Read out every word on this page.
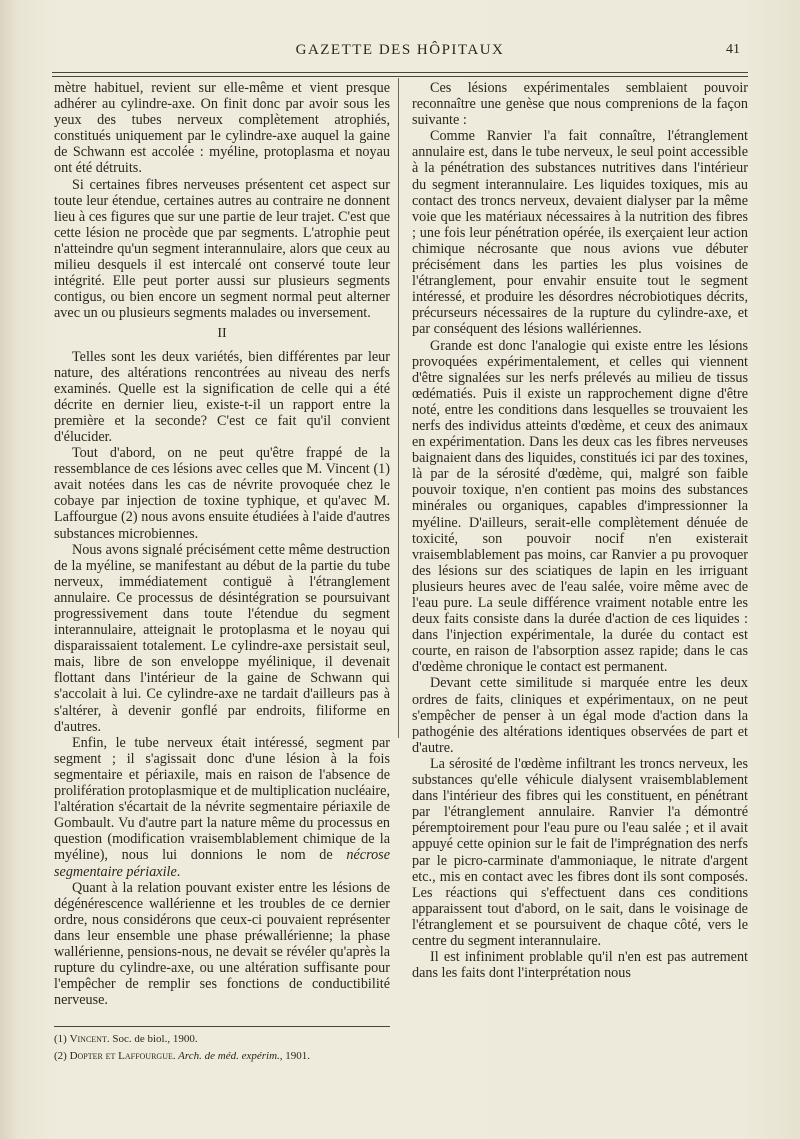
GAZETTE DES HÔPITAUX	41

mètre habituel, revient sur elle-même et vient presque adhérer au cylindre-axe. On finit donc par avoir sous les yeux des tubes nerveux complètement atrophiés, constitués uniquement par le cylindre-axe auquel la gaine de Schwann est accolée : myéline, protoplasma et noyau ont été détruits.

Si certaines fibres nerveuses présentent cet aspect sur toute leur étendue, certaines autres au contraire ne donnent lieu à ces figures que sur une partie de leur trajet. C'est que cette lésion ne procède que par segments. L'atrophie peut n'atteindre qu'un segment interannulaire, alors que ceux au milieu desquels il est intercalé ont conservé toute leur intégrité. Elle peut porter aussi sur plusieurs segments contigus, ou bien encore un segment normal peut alterner avec un ou plusieurs segments malades ou inversement.

II

Telles sont les deux variétés, bien différentes par leur nature, des altérations rencontrées au niveau des nerfs examinés. Quelle est la signification de celle qui a été décrite en dernier lieu, existe-t-il un rapport entre la première et la seconde? C'est ce fait qu'il convient d'élucider.

Tout d'abord, on ne peut qu'être frappé de la ressemblance de ces lésions avec celles que M. Vincent (1) avait notées dans les cas de névrite provoquée chez le cobaye par injection de toxine typhique, et qu'avec M. Laffourgue (2) nous avons ensuite étudiées à l'aide d'autres substances microbiennes.

Nous avons signalé précisément cette même destruction de la myéline, se manifestant au début de la partie du tube nerveux, immédiatement contiguë à l'étranglement annulaire. Ce processus de désintégration se poursuivant progressivement dans toute l'étendue du segment interannulaire, atteignait le protoplasma et le noyau qui disparaissaient totalement. Le cylindre-axe persistait seul, mais, libre de son enveloppe myélinique, il devenait flottant dans l'intérieur de la gaine de Schwann qui s'accolait à lui. Ce cylindre-axe ne tardait d'ailleurs pas à s'altérer, à devenir gonflé par endroits, filiforme en d'autres.

Enfin, le tube nerveux était intéressé, segment par segment ; il s'agissait donc d'une lésion à la fois segmentaire et périaxile, mais en raison de l'absence de prolifération protoplasmique et de multiplication nucléaire, l'altération s'écartait de la névrite segmentaire périaxile de Gombault. Vu d'autre part la nature même du processus en question (modification vraisemblablement chimique de la myéline), nous lui donnions le nom de nécrose segmentaire périaxile.

Quant à la relation pouvant exister entre les lésions de dégénérescence wallérienne et les troubles de ce dernier ordre, nous considérons que ceux-ci pouvaient représenter dans leur ensemble une phase préwallérienne; la phase wallérienne, pensions-nous, ne devait se révéler qu'après la rupture du cylindre-axe, ou une altération suffisante pour l'empêcher de remplir ses fonctions de conductibilité nerveuse.

(1) Vincent. Soc. de biol., 1900.
(2) Dopter et Laffourgue. Arch. de méd. expérim., 1901.

Ces lésions expérimentales semblaient pouvoir reconnaître une genèse que nous comprenions de la façon suivante :

Comme Ranvier l'a fait connaître, l'étranglement annulaire est, dans le tube nerveux, le seul point accessible à la pénétration des substances nutritives dans l'intérieur du segment interannulaire. Les liquides toxiques, mis au contact des troncs nerveux, devaient dialyser par la même voie que les matériaux nécessaires à la nutrition des fibres ; une fois leur pénétration opérée, ils exerçaient leur action chimique nécrosante que nous avions vue débuter précisément dans les parties les plus voisines de l'étranglement, pour envahir ensuite tout le segment intéressé, et produire les désordres nécrobiotiques décrits, précurseurs nécessaires de la rupture du cylindre-axe, et par conséquent des lésions wallériennes.

Grande est donc l'analogie qui existe entre les lésions provoquées expérimentalement, et celles qui viennent d'être signalées sur les nerfs prélevés au milieu de tissus œdématiés. Puis il existe un rapprochement digne d'être noté, entre les conditions dans lesquelles se trouvaient les nerfs des individus atteints d'œdème, et ceux des animaux en expérimentation. Dans les deux cas les fibres nerveuses baignaient dans des liquides, constitués ici par des toxines, là par de la sérosité d'œdème, qui, malgré son faible pouvoir toxique, n'en contient pas moins des substances minérales ou organiques, capables d'impressionner la myéline. D'ailleurs, serait-elle complètement dénuée de toxicité, son pouvoir nocif n'en existerait vraisemblablement pas moins, car Ranvier a pu provoquer des lésions sur des sciatiques de lapin en les irriguant plusieurs heures avec de l'eau salée, voire même avec de l'eau pure. La seule différence vraiment notable entre les deux faits consiste dans la durée d'action de ces liquides : dans l'injection expérimentale, la durée du contact est courte, en raison de l'absorption assez rapide; dans le cas d'œdème chronique le contact est permanent.

Devant cette similitude si marquée entre les deux ordres de faits, cliniques et expérimentaux, on ne peut s'empêcher de penser à un égal mode d'action dans la pathogénie des altérations identiques observées de part et d'autre.

La sérosité de l'œdème infiltrant les troncs nerveux, les substances qu'elle véhicule dialysent vraisemblablement dans l'intérieur des fibres qui les constituent, en pénétrant par l'étranglement annulaire. Ranvier l'a démontré péremptoirement pour l'eau pure ou l'eau salée ; et il avait appuyé cette opinion sur le fait de l'imprégnation des nerfs par le picro-carminate d'ammoniaque, le nitrate d'argent etc., mis en contact avec les fibres dont ils sont composés. Les réactions qui s'effectuent dans ces conditions apparaissent tout d'abord, on le sait, dans le voisinage de l'étranglement et se poursuivent de chaque côté, vers le centre du segment interannulaire.

Il est infiniment problable qu'il n'en est pas autrement dans les faits dont l'interprétation nous
